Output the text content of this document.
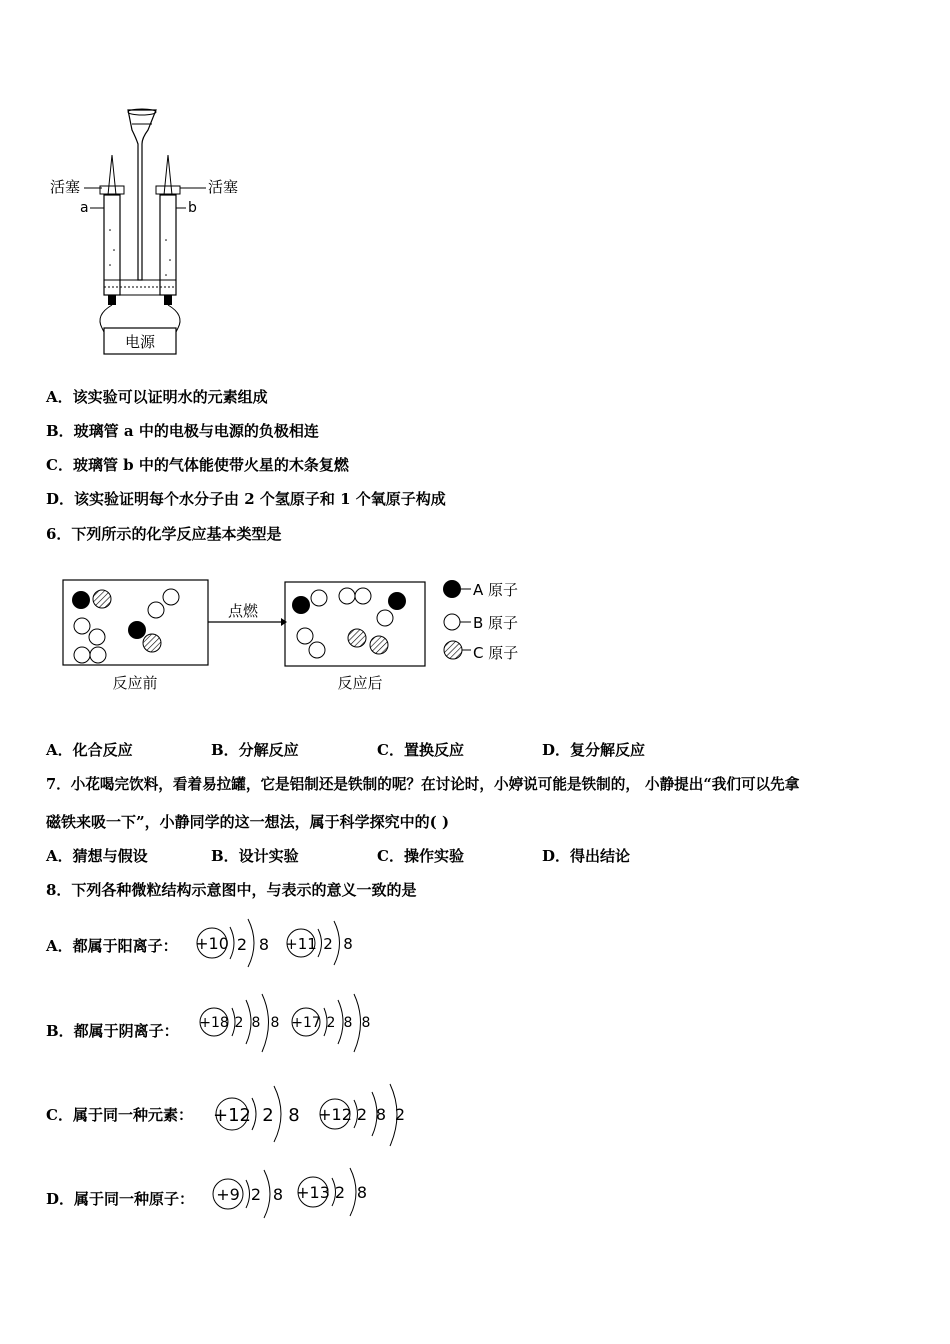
电源
活塞	活塞
a	b
A．该实验可以证明水的元素组成
B．玻璃管 a 中的电极与电源的负极相连
C．玻璃管 b 中的气体能使带火星的木条复燃
D．该实验证明每个水分子由 2 个氢原子和 1 个氧原子构成
6．下列所示的化学反应基本类型是
反应前
点燃
反应后
A 原子
B 原子
C 原子
A．化合反应	B．分解反应	C．置换反应	D．复分解反应
7．小花喝完饮料，看着易拉罐，它是铝制还是铁制的呢？在讨论时，小婷说可能是铁制的， 小静提出“我们可以先拿
磁铁来吸一下”，小静同学的这一想法，属于科学探究中的( )
A．猜想与假设	B．设计实验	C．操作实验	D．得出结论
8．下列各种微粒结构示意图中，与表示的意义一致的是
A．都属于阳离子： +10 2 8 +11 2 8
B．都属于阴离子： +18 2 8 8 +17 2 8 8
C．属于同一种元素： +12 2 8 +12 2 8 2
D．属于同一种原子： +9 2 8 +13 2 8
